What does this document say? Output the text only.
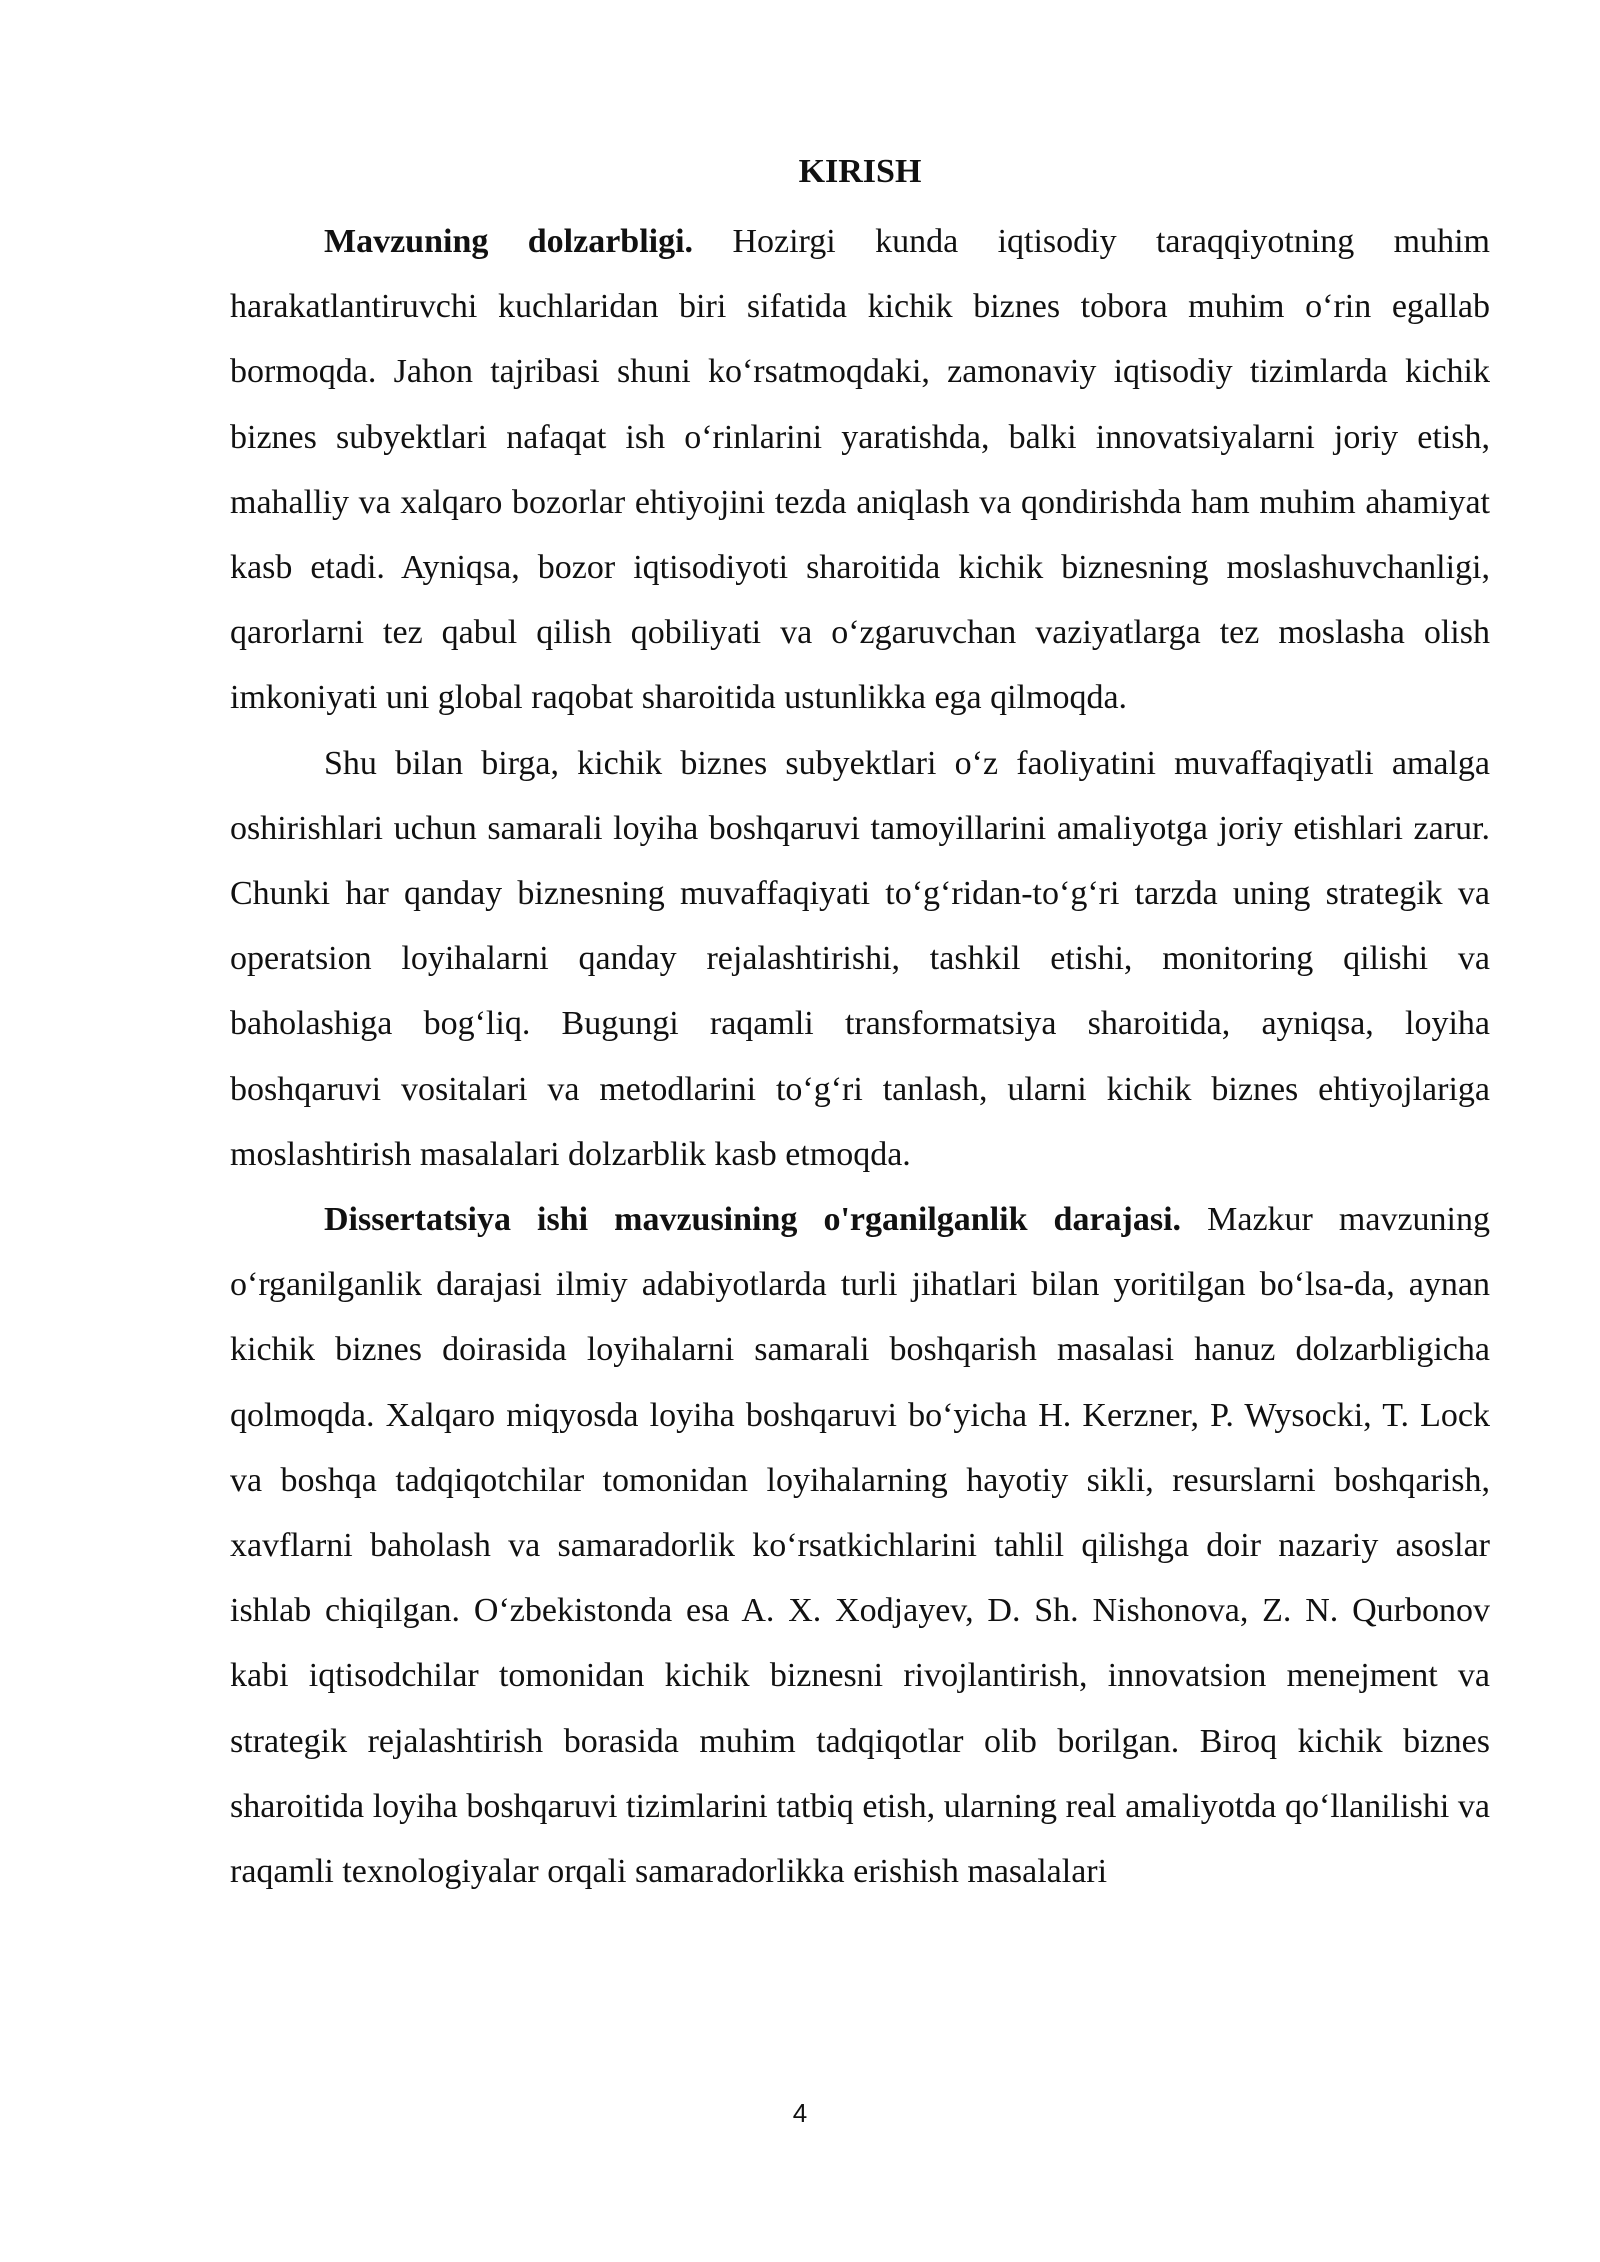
KIRISH

Mavzuning dolzarbligi. Hozirgi kunda iqtisodiy taraqqiyotning muhim harakatlantiruvchi kuchlaridan biri sifatida kichik biznes tobora muhim o‘rin egallab bormoqda. Jahon tajribasi shuni ko‘rsatmoqdaki, zamonaviy iqtisodiy tizimlarda kichik biznes subyektlari nafaqat ish o‘rinlarini yaratishda, balki innovatsiyalarni joriy etish, mahalliy va xalqaro bozorlar ehtiyojini tezda aniqlash va qondirishda ham muhim ahamiyat kasb etadi. Ayniqsa, bozor iqtisodiyoti sharoitida kichik biznesning moslashuvchanligi, qarorlarni tez qabul qilish qobiliyati va o‘zgaruvchan vaziyatlarga tez moslasha olish imkoniyati uni global raqobat sharoitida ustunlikka ega qilmoqda.

Shu bilan birga, kichik biznes subyektlari o‘z faoliyatini muvaffaqiyatli amalga oshirishlari uchun samarali loyiha boshqaruvi tamoyillarini amaliyotga joriy etishlari zarur. Chunki har qanday biznesning muvaffaqiyati to‘g‘ridan-to‘g‘ri tarzda uning strategik va operatsion loyihalarni qanday rejalashtirishi, tashkil etishi, monitoring qilishi va baholashiga bog‘liq. Bugungi raqamli transformatsiya sharoitida, ayniqsa, loyiha boshqaruvi vositalari va metodlarini to‘g‘ri tanlash, ularni kichik biznes ehtiyojlariga moslashtirish masalalari dolzarblik kasb etmoqda.

Dissertatsiya ishi mavzusining o'rganilganlik darajasi. Mazkur mavzuning o‘rganilganlik darajasi ilmiy adabiyotlarda turli jihatlari bilan yoritilgan bo‘lsa-da, aynan kichik biznes doirasida loyihalarni samarali boshqarish masalasi hanuz dolzarbligicha qolmoqda. Xalqaro miqyosda loyiha boshqaruvi bo‘yicha H. Kerzner, P. Wysocki, T. Lock va boshqa tadqiqotchilar tomonidan loyihalarning hayotiy sikli, resurslarni boshqarish, xavflarni baholash va samaradorlik ko‘rsatkichlarini tahlil qilishga doir nazariy asoslar ishlab chiqilgan. O‘zbekistonda esa A. X. Xodjayev, D. Sh. Nishonova, Z. N. Qurbonov kabi iqtisodchilar tomonidan kichik biznesni rivojlantirish, innovatsion menejment va strategik rejalashtirish borasida muhim tadqiqotlar olib borilgan. Biroq kichik biznes sharoitida loyiha boshqaruvi tizimlarini tatbiq etish, ularning real amaliyotda qo‘llanilishi va raqamli texnologiyalar orqali samaradorlikka erishish masalalari

4
